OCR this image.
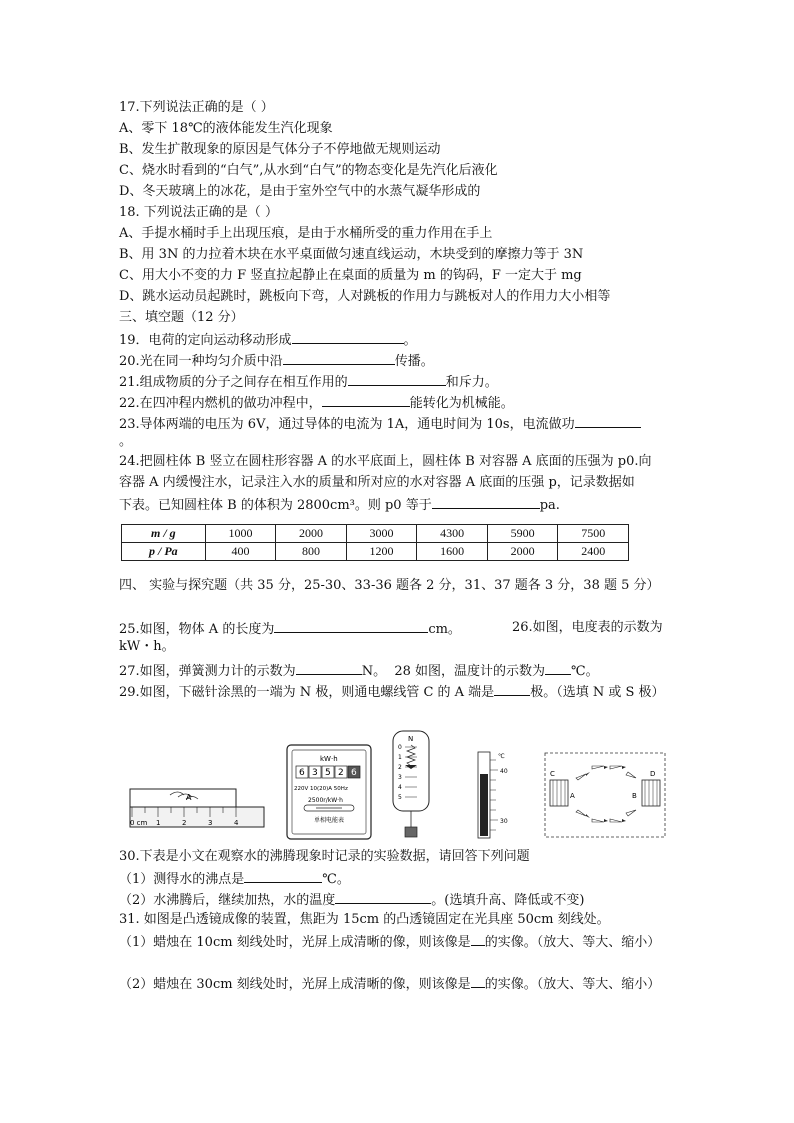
17.下列说法正确的是（ ）
A、零下 18℃的液体能发生汽化现象
B、发生扩散现象的原因是气体分子不停地做无规则运动
C、烧水时看到的“白气”,从水到“白气”的物态变化是先汽化后液化
D、冬天玻璃上的冰花，是由于室外空气中的水蒸气凝华形成的
18. 下列说法正确的是（ ）
A、手提水桶时手上出现压痕，是由于水桶所受的重力作用在手上
B、用 3N 的力拉着木块在水平桌面做匀速直线运动，木块受到的摩擦力等于 3N
C、用大小不变的力 F 竖直拉起静止在桌面的质量为 m 的钩码，F 一定大于 mg
D、跳水运动员起跳时，跳板向下弯，人对跳板的作用力与跳板对人的作用力大小相等
三、填空题（12 分）
19．电荷的定向运动移动形成	。
20.光在同一种均匀介质中沿	传播。
21.组成物质的分子之间存在相互作用的	和斥力。
22.在四冲程内燃机的做功冲程中，	能转化为机械能。
23.导体两端的电压为 6V，通过导体的电流为 1A，通电时间为 10s，电流做功
。
24.把圆柱体 B 竖立在圆柱形容器 A 的水平底面上，圆柱体 B 对容器 A 底面的压强为 p0.向
容器 A 内缓慢注水，记录注入水的质量和所对应的水对容器 A 底面的压强 p，记录数据如
下表。已知圆柱体 B 的体积为 2800cm³。则 p0 等于	pa.
m / g	1000	2000	3000	4300	5900	7500
p / Pa	400	800	1200	1600	2000	2400
四、 实验与探究题（共 35 分，25-30、33-36 题各 2 分，31、37 题各 3 分，38 题 5 分）
25.如图，物体 A 的长度为	cm。	26.如图，电度表的示数为
kW・h。
27.如图，弹簧测力计的示数为	N。 28 如图，温度计的示数为 ℃。
29.如图，下磁针涂黑的一端为 N 极，则通电螺线管 C 的 A 端是	极。（选填 N 或 S 极）
A
0 cm 1	2	3	4
kW·h
6 3 5 2 6
220V 10(20)A 50Hz
2500r/kW·h
单相电能表
N
0
1
2
3
4
5
℃
40
30
C
A	B
D
30.下表是小文在观察水的沸腾现象时记录的实验数据，请回答下列问题
（1）测得水的沸点是	℃。
（2）水沸腾后，继续加热，水的温度	。(选填升高、降低或不变)
31. 如图是凸透镜成像的装置，焦距为 15cm 的凸透镜固定在光具座 50cm 刻线处。
（1）蜡烛在 10cm 刻线处时，光屏上成清晰的像，则该像是 的实像。（放大、等大、缩小）
（2）蜡烛在 30cm 刻线处时，光屏上成清晰的像，则该像是 的实像。（放大、等大、缩小）
